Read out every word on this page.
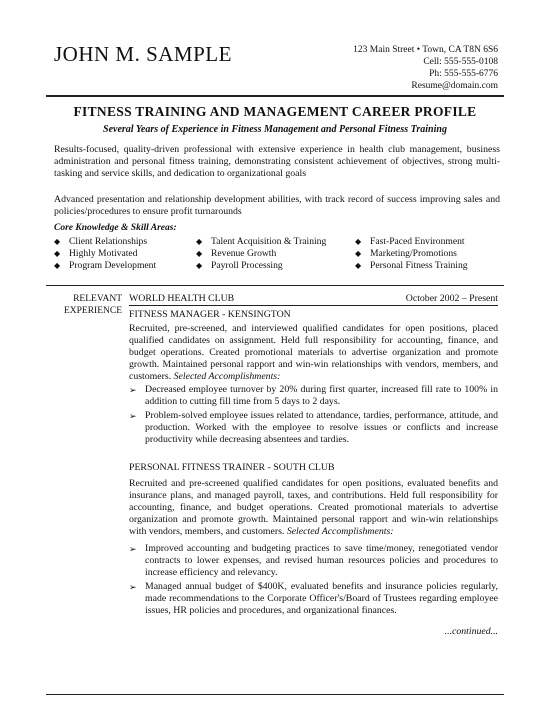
JOHN M. SAMPLE	123 Main Street • Town, CA T8N 6S6
Cell: 555-555-0108
Ph: 555-555-6776
Resume@domain.com
FITNESS TRAINING AND MANAGEMENT CAREER PROFILE
Several Years of Experience in Fitness Management and Personal Fitness Training
Results-focused, quality-driven professional with extensive experience in health club management, business administration and personal fitness training, demonstrating consistent achievement of objectives, strong multi-tasking and service skills, and dedication to organizational goals
Advanced presentation and relationship development abilities, with track record of success improving sales and policies/procedures to ensure profit turnarounds
Core Knowledge & Skill Areas:
◆ Client Relationships
◆ Highly Motivated
◆ Program Development
◆ Talent Acquisition & Training
◆ Revenue Growth
◆ Payroll Processing
◆ Fast-Paced Environment
◆ Marketing/Promotions
◆ Personal Fitness Training
RELEVANT
EXPERIENCE
WORLD HEALTH CLUB	October 2002 – Present
FITNESS MANAGER - KENSINGTON
Recruited, pre-screened, and interviewed qualified candidates for open positions, placed qualified candidates on assignment. Held full responsibility for accounting, finance, and budget operations. Created promotional materials to advertise organization and promote growth. Maintained personal rapport and win-win relationships with vendors, members, and customers. Selected Accomplishments:
➢ Decreased employee turnover by 20% during first quarter, increased fill rate to 100% in addition to cutting fill time from 5 days to 2 days.
➢ Problem-solved employee issues related to attendance, tardies, performance, attitude, and production. Worked with the employee to resolve issues or conflicts and increase productivity while decreasing absentees and tardies.
PERSONAL FITNESS TRAINER - SOUTH CLUB
Recruited and pre-screened qualified candidates for open positions, evaluated benefits and insurance plans, and managed payroll, taxes, and contributions. Held full responsibility for accounting, finance, and budget operations. Created promotional materials to advertise organization and promote growth. Maintained personal rapport and win-win relationships with vendors, members, and customers. Selected Accomplishments:
➢ Improved accounting and budgeting practices to save time/money, renegotiated vendor contracts to lower expenses, and revised human resources policies and procedures to increase efficiency and relevancy.
➢ Managed annual budget of $400K, evaluated benefits and insurance policies regularly, made recommendations to the Corporate Officer's/Board of Trustees regarding employee issues, HR policies and procedures, and organizational finances.
...continued...
